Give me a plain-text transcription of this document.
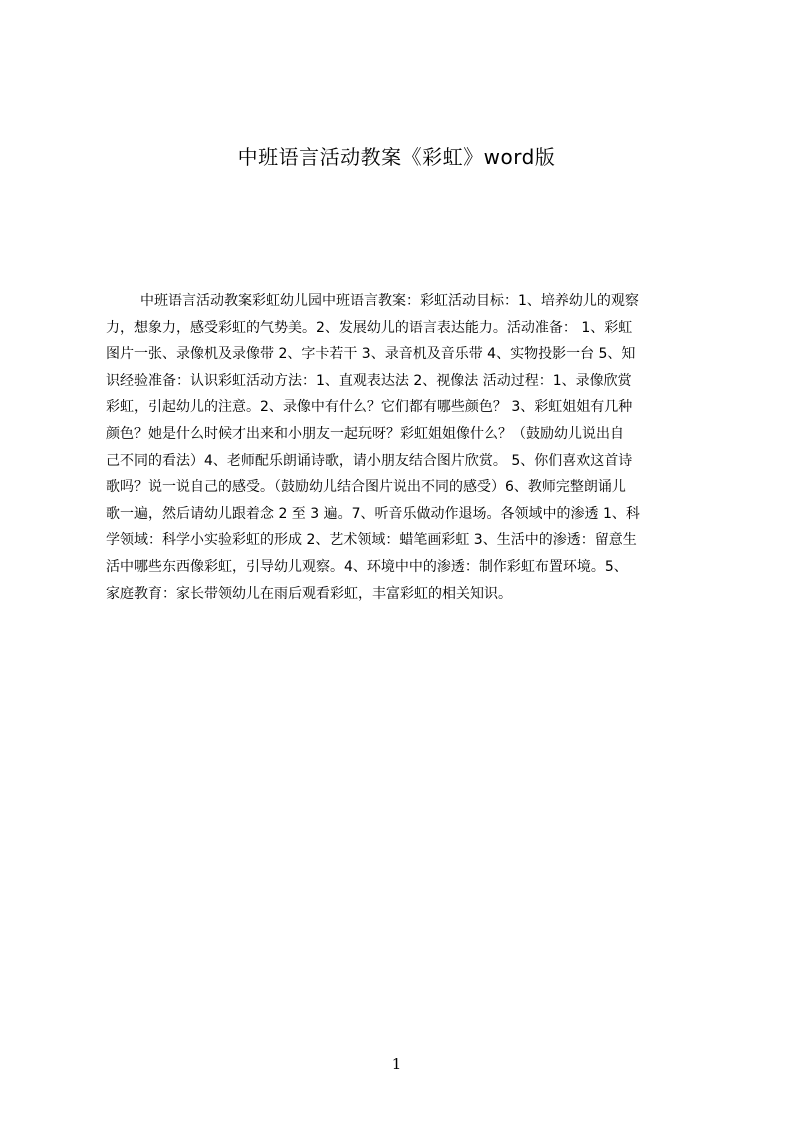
中班语言活动教案《彩虹》word版
中班语言活动教案彩虹幼儿园中班语言教案：彩虹活动目标：1、培养幼儿的观察
力，想象力，感受彩虹的气势美。2、发展幼儿的语言表达能力。活动准备： 1、彩虹
图片一张、录像机及录像带 2、字卡若干 3、录音机及音乐带 4、实物投影一台 5、知
识经验准备：认识彩虹活动方法：1、直观表达法 2、视像法 活动过程：1、录像欣赏
彩虹，引起幼儿的注意。2、录像中有什么？它们都有哪些颜色？ 3、彩虹姐姐有几种
颜色？她是什么时候才出来和小朋友一起玩呀？彩虹姐姐像什么？（鼓励幼儿说出自
己不同的看法）4、老师配乐朗诵诗歌，请小朋友结合图片欣赏。 5、你们喜欢这首诗
歌吗？说一说自己的感受。（鼓励幼儿结合图片说出不同的感受）6、教师完整朗诵儿
歌一遍，然后请幼儿跟着念 2 至 3 遍。7、听音乐做动作退场。各领域中的渗透 1、科
学领域：科学小实验彩虹的形成 2、艺术领域：蜡笔画彩虹 3、生活中的渗透：留意生
活中哪些东西像彩虹，引导幼儿观察。4、环境中中的渗透：制作彩虹布置环境。5、
家庭教育：家长带领幼儿在雨后观看彩虹，丰富彩虹的相关知识。
1
